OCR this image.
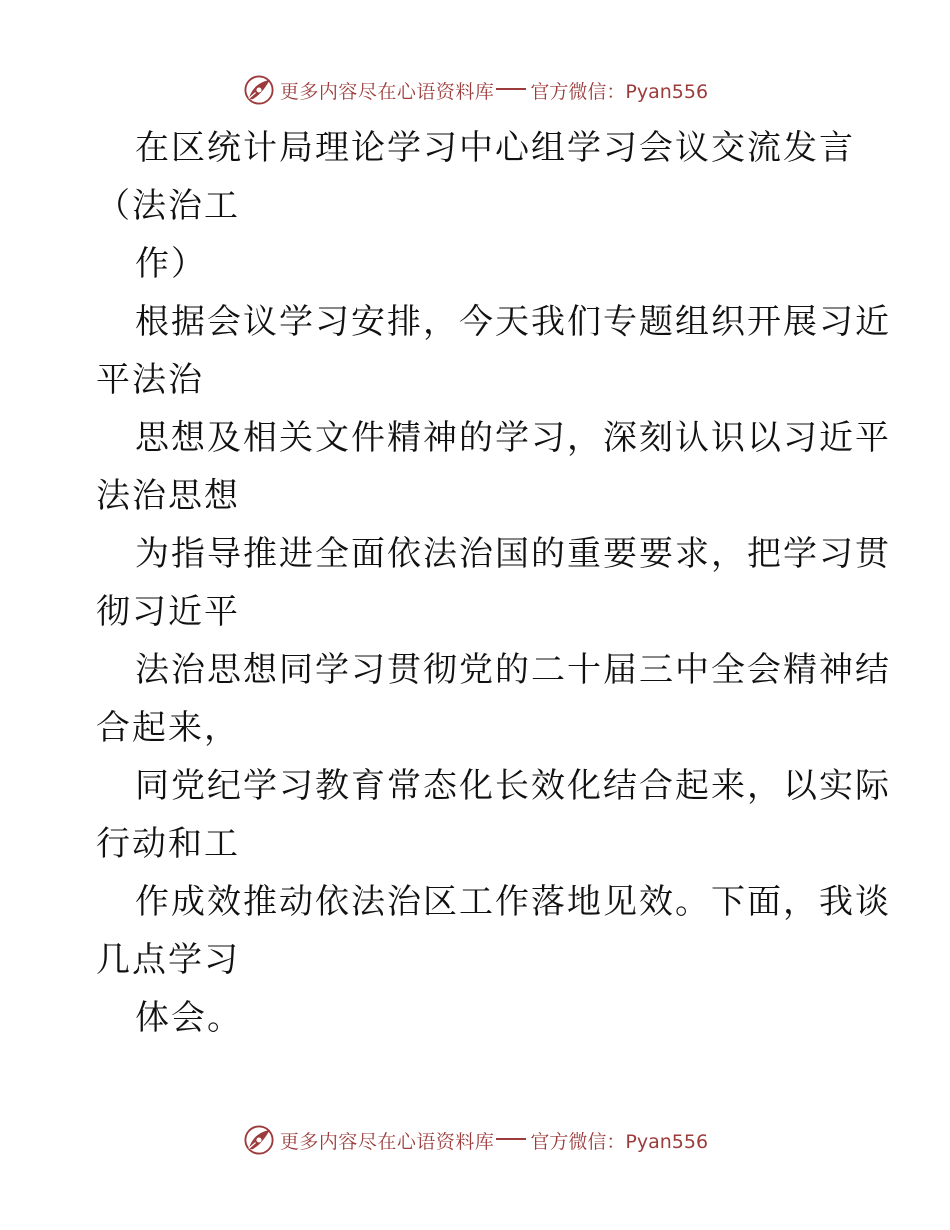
更多内容尽在心语资料库 官方微信：Pyan556
在区统计局理论学习中心组学习会议交流发言
（法治工
作）
根据会议学习安排，今天我们专题组织开展习近
平法治
思想及相关文件精神的学习，深刻认识以习近平
法治思想
为指导推进全面依法治国的重要要求，把学习贯
彻习近平
法治思想同学习贯彻党的二十届三中全会精神结
合起来，
同党纪学习教育常态化长效化结合起来，以实际
行动和工
作成效推动依法治区工作落地见效。下面，我谈
几点学习
体会。
更多内容尽在心语资料库 官方微信：Pyan556
